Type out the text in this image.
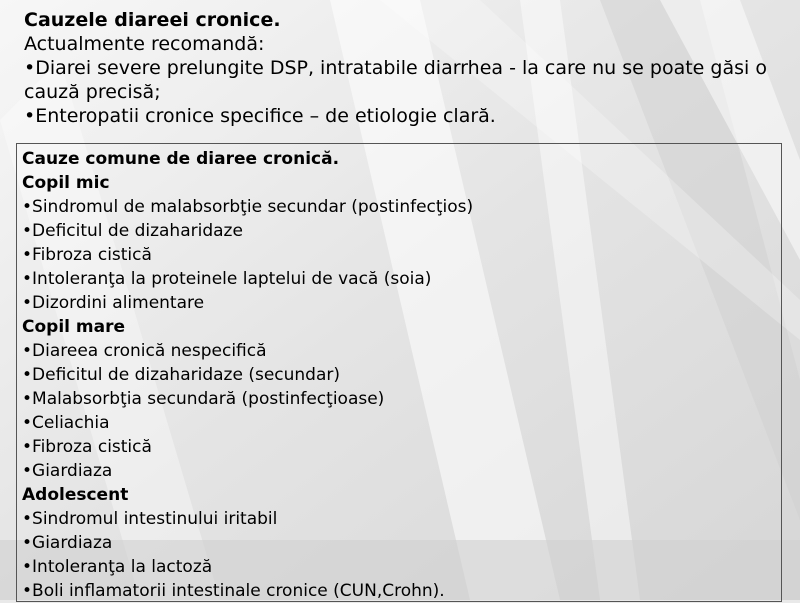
Cauzele diareei cronice.
Actualmente recomandă:
•Diarei severe prelungite DSP, intratabile diarrhea - la care nu se poate găsi o cauză precisă;
•Enteropatii cronice specifice – de etiologie clară.
Cauze comune de diaree cronică.
Copil mic
•Sindromul de malabsorbţie secundar (postinfecţios)
•Deficitul de dizaharidaze
•Fibroza cistică
•Intoleranţa la proteinele laptelui de vacă (soia)
•Dizordini alimentare
Copil mare
•Diareea cronică nespecifică
•Deficitul de dizaharidaze (secundar)
•Malabsorbţia secundară (postinfecţioase)
•Celiachia
•Fibroza cistică
•Giardiaza
Adolescent
•Sindromul intestinului iritabil
•Giardiaza
•Intoleranţa la lactoză
•Boli inflamatorii intestinale cronice (CUN,Crohn).
